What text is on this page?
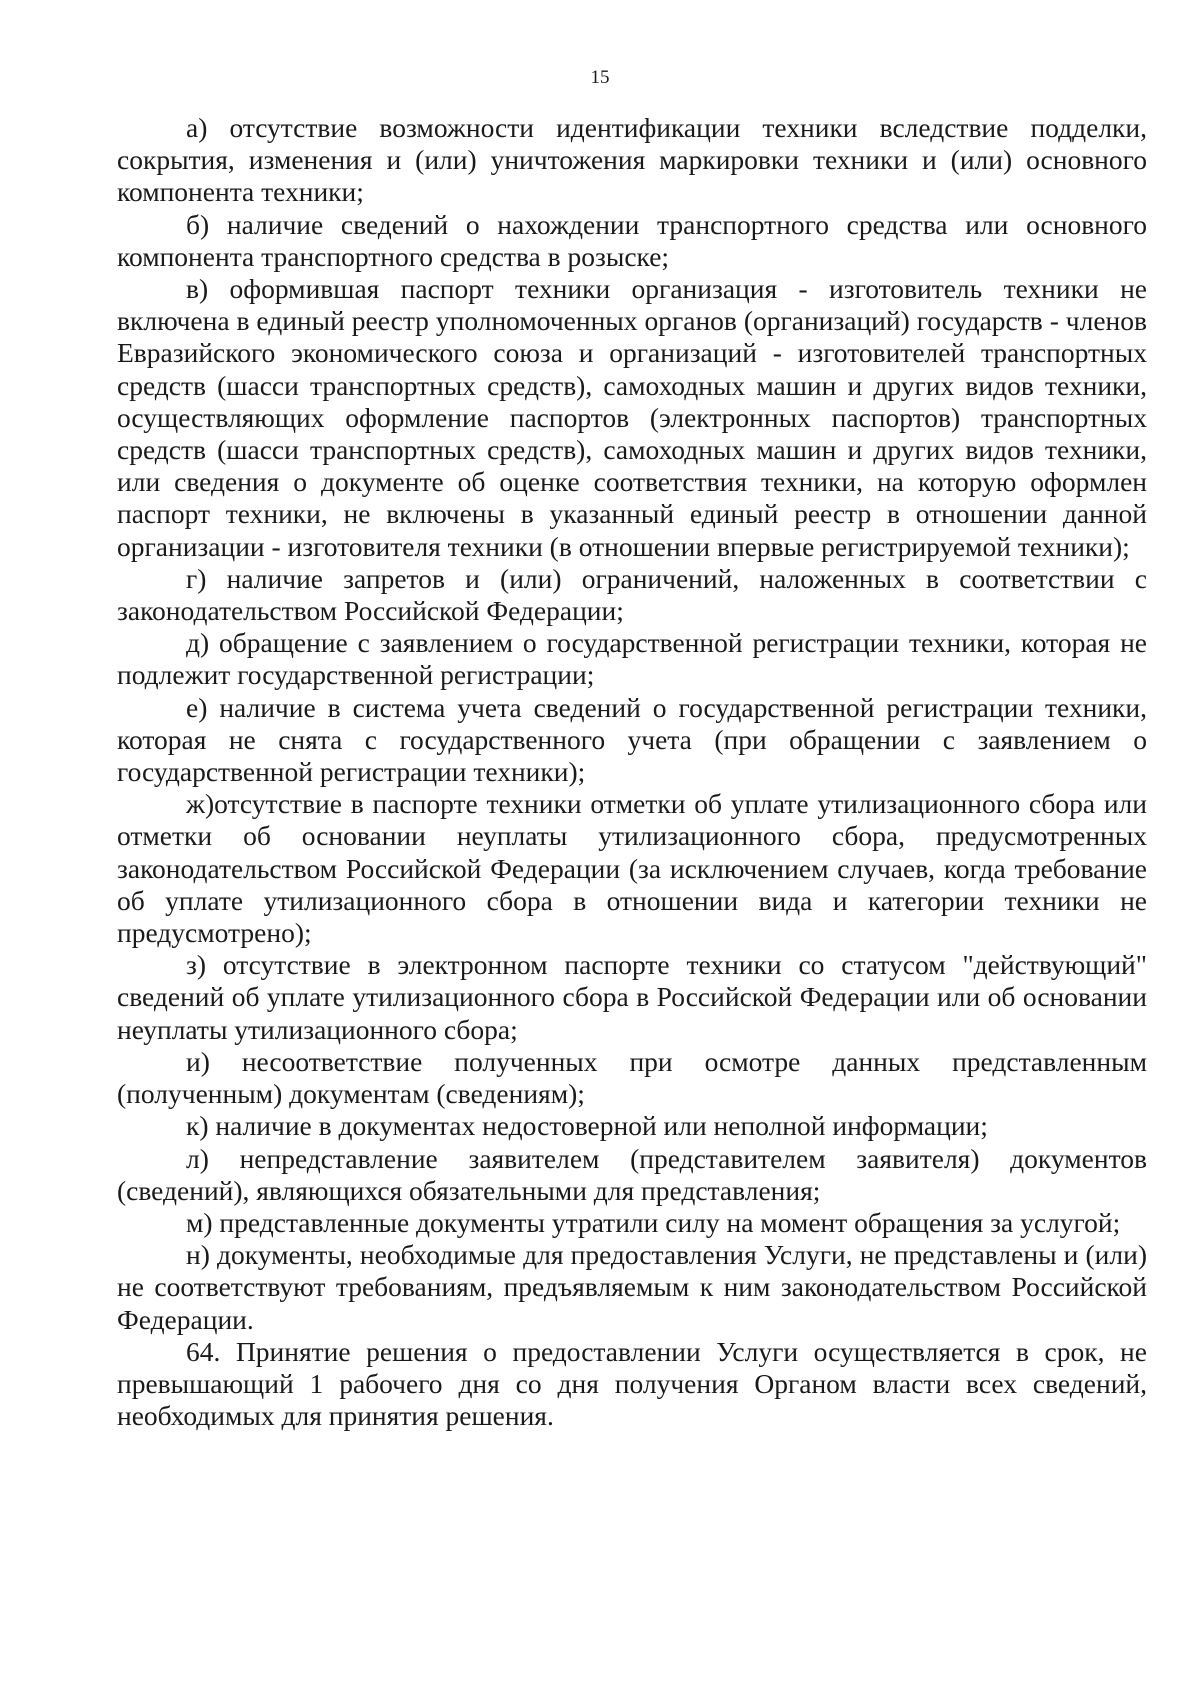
15

а) отсутствие возможности идентификации техники вследствие подделки, сокрытия, изменения и (или) уничтожения маркировки техники и (или) основного компонента техники;

б) наличие сведений о нахождении транспортного средства или основного компонента транспортного средства в розыске;

в) оформившая паспорт техники организация - изготовитель техники не включена в единый реестр уполномоченных органов (организаций) государств - членов Евразийского экономического союза и организаций - изготовителей транспортных средств (шасси транспортных средств), самоходных машин и других видов техники, осуществляющих оформление паспортов (электронных паспортов) транспортных средств (шасси транспортных средств), самоходных машин и других видов техники, или сведения о документе об оценке соответствия техники, на которую оформлен паспорт техники, не включены в указанный единый реестр в отношении данной организации - изготовителя техники (в отношении впервые регистрируемой техники);

г) наличие запретов и (или) ограничений, наложенных в соответствии с законодательством Российской Федерации;

д) обращение с заявлением о государственной регистрации техники, которая не подлежит государственной регистрации;

е) наличие в система учета сведений о государственной регистрации техники, которая не снята с государственного учета (при обращении с заявлением о государственной регистрации техники);

ж)отсутствие в паспорте техники отметки об уплате утилизационного сбора или отметки об основании неуплаты утилизационного сбора, предусмотренных законодательством Российской Федерации (за исключением случаев, когда требование об уплате утилизационного сбора в отношении вида и категории техники не предусмотрено);

з) отсутствие в электронном паспорте техники со статусом "действующий" сведений об уплате утилизационного сбора в Российской Федерации или об основании неуплаты утилизационного сбора;

и) несоответствие полученных при осмотре данных представленным (полученным) документам (сведениям);

к) наличие в документах недостоверной или неполной информации;

л) непредставление заявителем (представителем заявителя) документов (сведений), являющихся обязательными для представления;

м) представленные документы утратили силу на момент обращения за услугой;

н) документы, необходимые для предоставления Услуги, не представлены и (или) не соответствуют требованиям, предъявляемым к ним законодательством Российской Федерации.

64. Принятие решения о предоставлении Услуги осуществляется в срок, не превышающий 1 рабочего дня со дня получения Органом власти всех сведений, необходимых для принятия решения.
